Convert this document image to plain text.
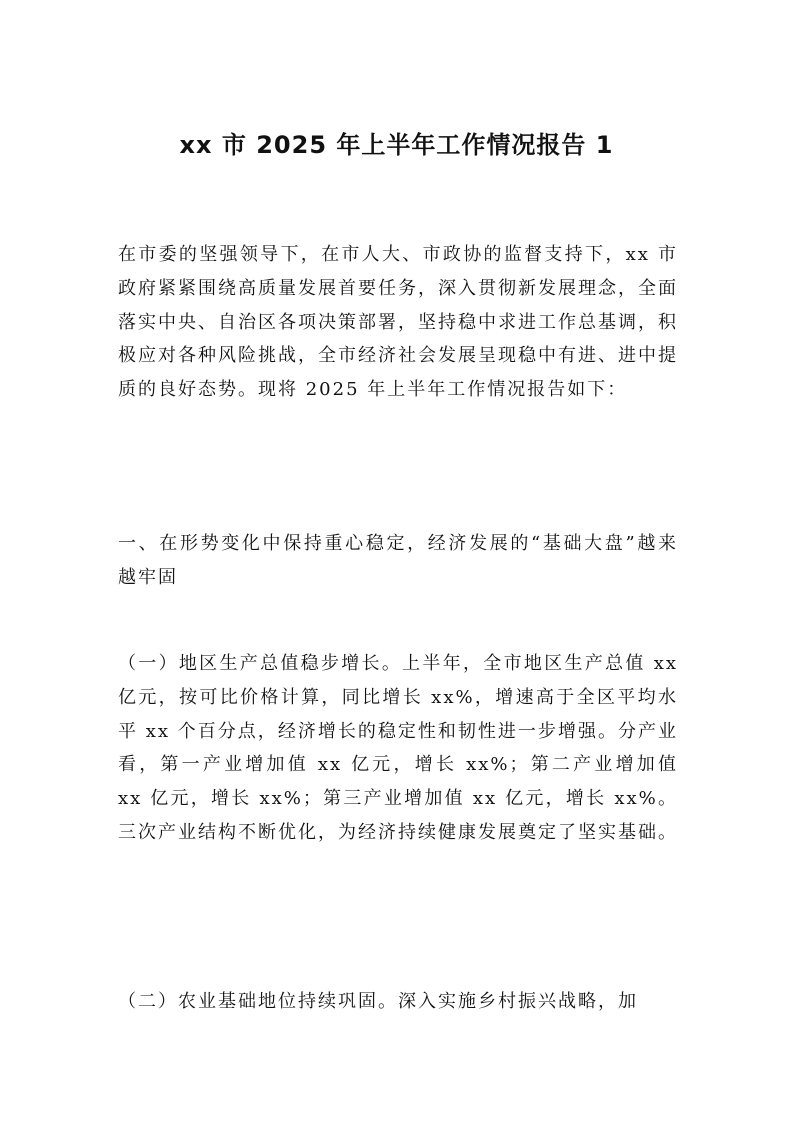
xx 市 2025 年上半年工作情况报告 1
在市委的坚强领导下，在市人大、市政协的监督支持下，xx 市政府紧紧围绕高质量发展首要任务，深入贯彻新发展理念，全面落实中央、自治区各项决策部署，坚持稳中求进工作总基调，积极应对各种风险挑战，全市经济社会发展呈现稳中有进、进中提质的良好态势。现将 2025 年上半年工作情况报告如下：
一、在形势变化中保持重心稳定，经济发展的“基础大盘”越来越牢固
（一）地区生产总值稳步增长。上半年，全市地区生产总值 xx 亿元，按可比价格计算，同比增长 xx%，增速高于全区平均水平 xx 个百分点，经济增长的稳定性和韧性进一步增强。分产业看，第一产业增加值 xx 亿元，增长 xx%；第二产业增加值 xx 亿元，增长 xx%；第三产业增加值 xx 亿元，增长 xx%。三次产业结构不断优化，为经济持续健康发展奠定了坚实基础。
（二）农业基础地位持续巩固。深入实施乡村振兴战略，加
